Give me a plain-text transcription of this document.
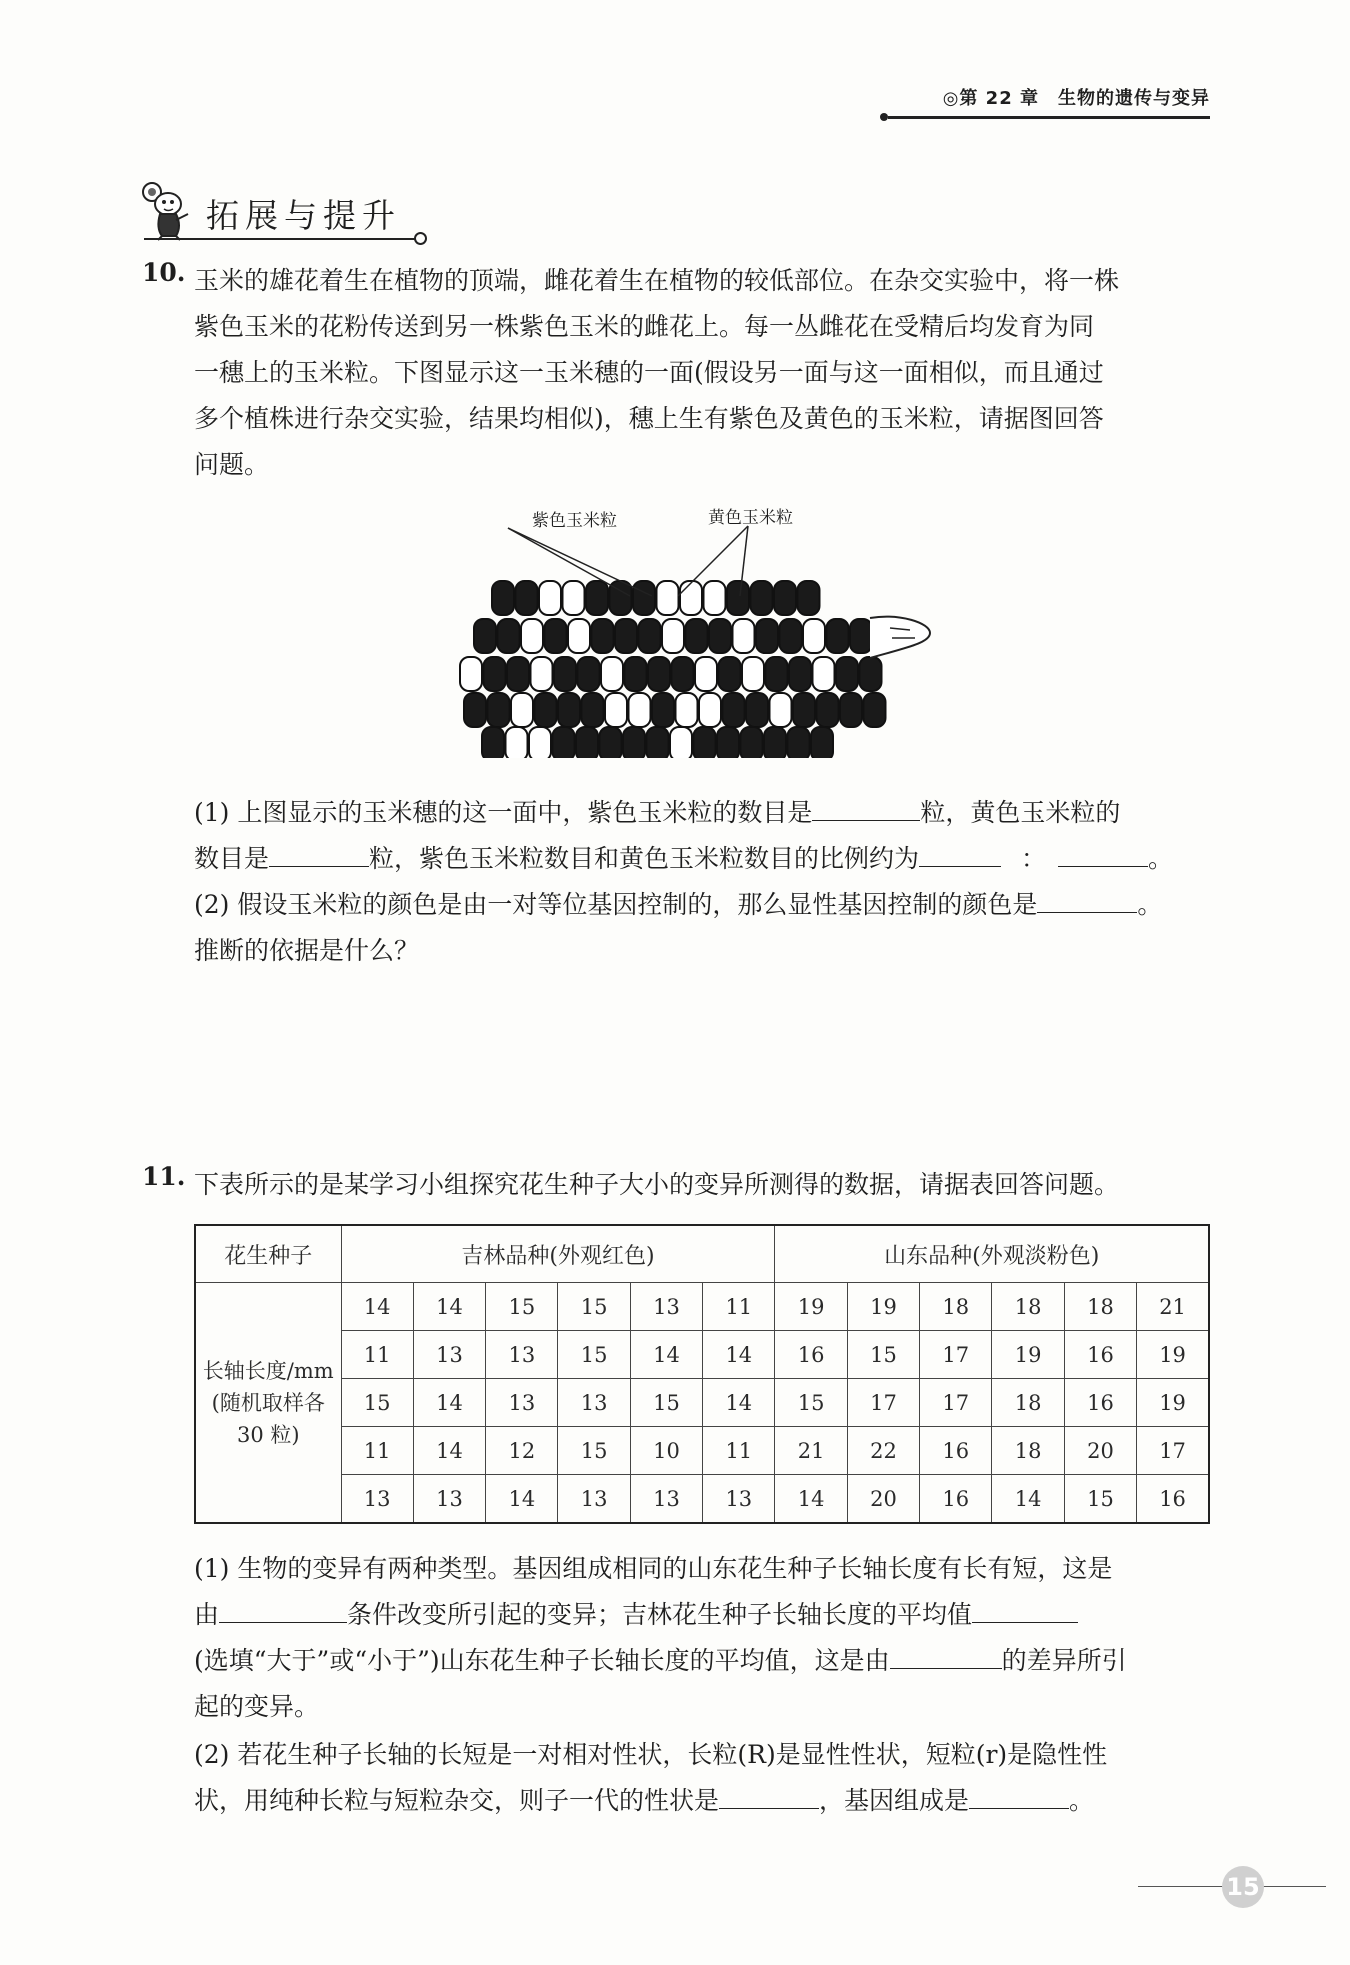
◎第 22 章　生物的遗传与变异
拓展与提升
10. 玉米的雄花着生在植物的顶端，雌花着生在植物的较低部位。在杂交实验中，将一株

紫色玉米的花粉传送到另一株紫色玉米的雌花上。每一丛雌花在受精后均发育为同

一穗上的玉米粒。下图显示这一玉米穗的一面(假设另一面与这一面相似，而且通过

多个植株进行杂交实验，结果均相似)，穗上生有紫色及黄色的玉米粒，请据图回答

问题。

紫色玉米粒	黄色玉米粒
(1) 上图显示的玉米穗的这一面中，紫色玉米粒的数目是	粒，黄色玉米粒的
数目是	粒，紫色玉米粒数目和黄色玉米粒数目的比例约为	：	。
(2) 假设玉米粒的颜色是由一对等位基因控制的，那么显性基因控制的颜色是	。
推断的依据是什么？
11. 下表所示的是某学习小组探究花生种子大小的变异所测得的数据，请据表回答问题。
花生种子	吉林品种(外观红色)						山东品种(外观淡粉色)					

长轴长度/mm
(随机取样各
30 粒)	14	14	15	15	13	11	19	19	18	18	18	21
	11	13	13	15	14	14	16	15	17	19	16	19
	15	14	13	13	15	14	15	17	17	18	16	19
	11	14	12	15	10	11	21	22	16	18	20	17
	13	13	14	13	13	13	14	20	16	14	15	16
(1) 生物的变异有两种类型。基因组成相同的山东花生种子长轴长度有长有短，这是
由	条件改变所引起的变异；吉林花生种子长轴长度的平均值
(选填“大于”或“小于”)山东花生种子长轴长度的平均值，这是由	的差异所引
起的变异。
(2) 若花生种子长轴的长短是一对相对性状，长粒(R)是显性性状，短粒(r)是隐性性
状，用纯种长粒与短粒杂交，则子一代的性状是	，基因组成是	。
15
